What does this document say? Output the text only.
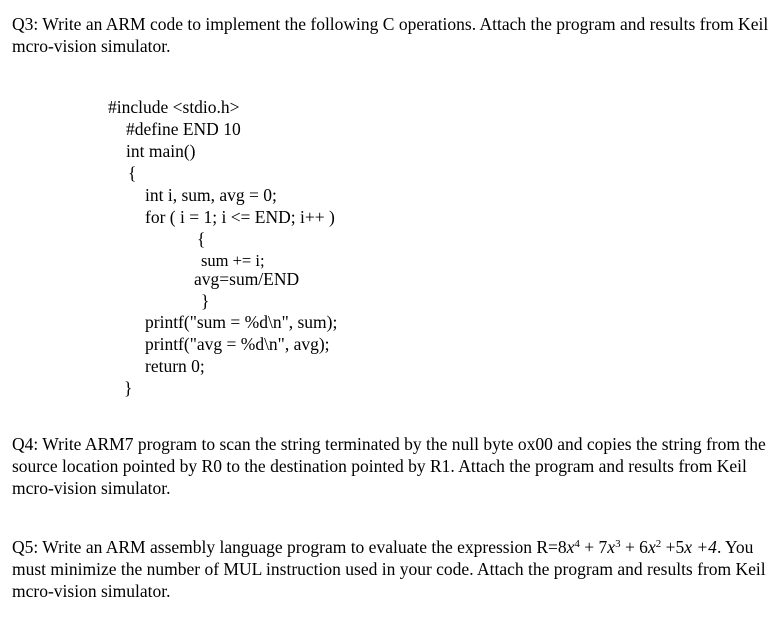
Q3: Write an ARM code to implement the following C operations. Attach the program and results from Keil mcro-vision simulator.

#include <stdio.h>
#define END 10
int main()
{
int i, sum, avg = 0;
for ( i = 1; i <= END; i++ )
{
sum += i;
avg=sum/END
}
printf("sum = %d\n", sum);
printf("avg = %d\n", avg);
return 0;
}

Q4: Write ARM7 program to scan the string terminated by the null byte ox00 and copies the string from the source location pointed by R0 to the destination pointed by R1. Attach the program and results from Keil mcro-vision simulator.

Q5: Write an ARM assembly language program to evaluate the expression $R=8x^4 + 7x^3 + 6x^2 +5x +4$. You must minimize the number of MUL instruction used in your code. Attach the program and results from Keil mcro-vision simulator.
